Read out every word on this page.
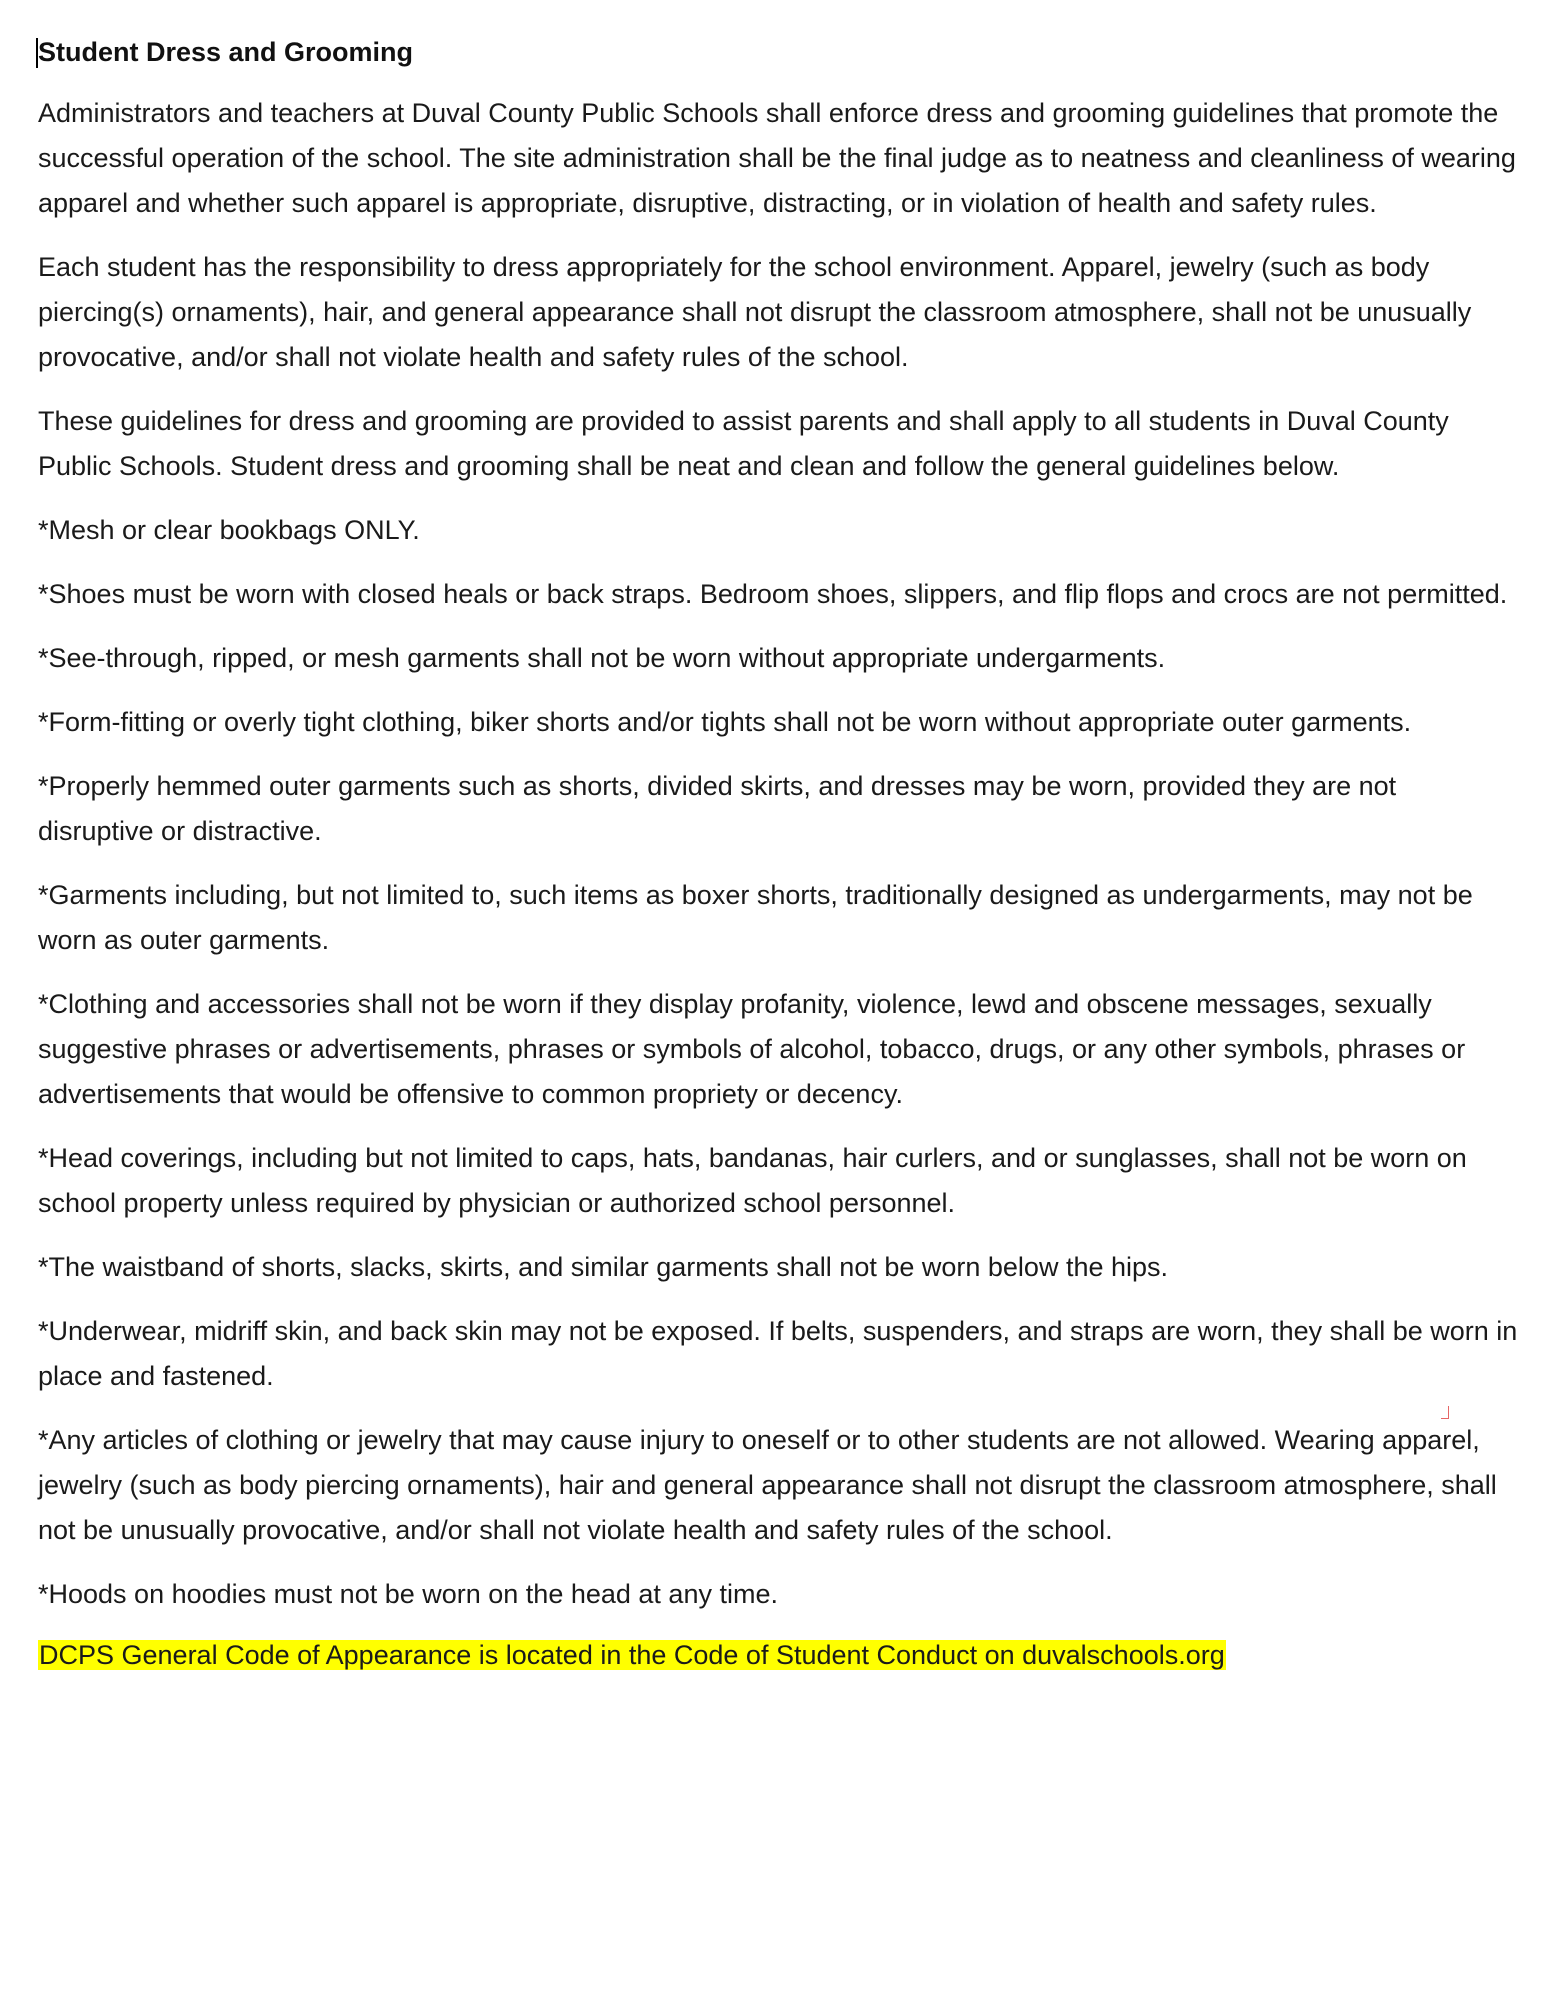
Student Dress and Grooming

Administrators and teachers at Duval County Public Schools shall enforce dress and grooming guidelines that promote the successful operation of the school. The site administration shall be the final judge as to neatness and cleanliness of wearing apparel and whether such apparel is appropriate, disruptive, distracting, or in violation of health and safety rules.

Each student has the responsibility to dress appropriately for the school environment. Apparel, jewelry (such as body piercing(s) ornaments), hair, and general appearance shall not disrupt the classroom atmosphere, shall not be unusually provocative, and/or shall not violate health and safety rules of the school.

These guidelines for dress and grooming are provided to assist parents and shall apply to all students in Duval County Public Schools. Student dress and grooming shall be neat and clean and follow the general guidelines below.

*Mesh or clear bookbags ONLY.

*Shoes must be worn with closed heals or back straps. Bedroom shoes, slippers, and flip flops and crocs are not permitted.

*See-through, ripped, or mesh garments shall not be worn without appropriate undergarments.

*Form-fitting or overly tight clothing, biker shorts and/or tights shall not be worn without appropriate outer garments.

*Properly hemmed outer garments such as shorts, divided skirts, and dresses may be worn, provided they are not disruptive or distractive.

*Garments including, but not limited to, such items as boxer shorts, traditionally designed as undergarments, may not be worn as outer garments.

*Clothing and accessories shall not be worn if they display profanity, violence, lewd and obscene messages, sexually suggestive phrases or advertisements, phrases or symbols of alcohol, tobacco, drugs, or any other symbols, phrases or advertisements that would be offensive to common propriety or decency.

*Head coverings, including but not limited to caps, hats, bandanas, hair curlers, and or sunglasses, shall not be worn on school property unless required by physician or authorized school personnel.

*The waistband of shorts, slacks, skirts, and similar garments shall not be worn below the hips.

*Underwear, midriff skin, and back skin may not be exposed. If belts, suspenders, and straps are worn, they shall be worn in place and fastened.

*Any articles of clothing or jewelry that may cause injury to oneself or to other students are not allowed. Wearing apparel, jewelry (such as body piercing ornaments), hair and general appearance shall not disrupt the classroom atmosphere, shall not be unusually provocative, and/or shall not violate health and safety rules of the school.

*Hoods on hoodies must not be worn on the head at any time.

DCPS General Code of Appearance is located in the Code of Student Conduct on duvalschools.org
